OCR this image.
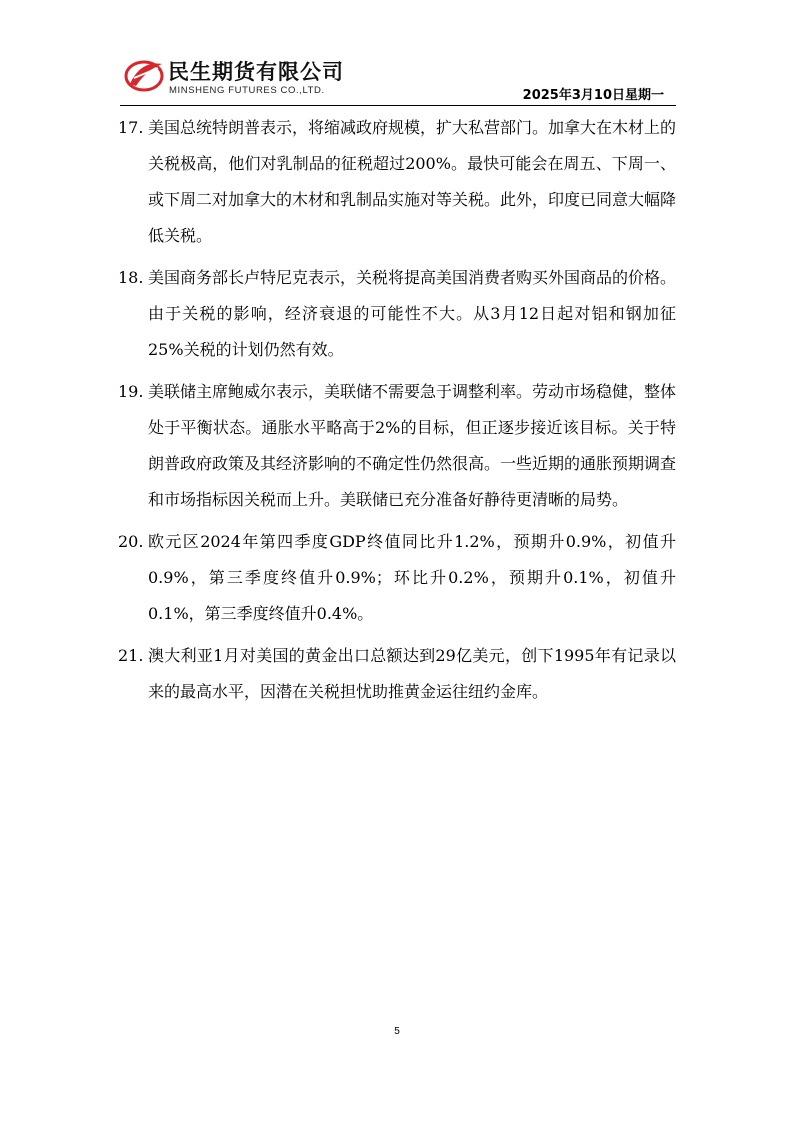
民生期货有限公司
MINSHENG FUTURES CO.,LTD.	2025年3月10日星期一

17. 美国总统特朗普表示，将缩减政府规模，扩大私营部门。加拿大在木材上的关税极高，他们对乳制品的征税超过200%。最快可能会在周五、下周一、或下周二对加拿大的木材和乳制品实施对等关税。此外，印度已同意大幅降低关税。

18. 美国商务部长卢特尼克表示，关税将提高美国消费者购买外国商品的价格。由于关税的影响，经济衰退的可能性不大。从3月12日起对铝和钢加征25%关税的计划仍然有效。

19. 美联储主席鲍威尔表示，美联储不需要急于调整利率。劳动市场稳健，整体处于平衡状态。通胀水平略高于2%的目标，但正逐步接近该目标。关于特朗普政府政策及其经济影响的不确定性仍然很高。一些近期的通胀预期调查和市场指标因关税而上升。美联储已充分准备好静待更清晰的局势。

20. 欧元区2024年第四季度GDP终值同比升1.2%，预期升0.9%，初值升0.9%，第三季度终值升0.9%；环比升0.2%，预期升0.1%，初值升0.1%，第三季度终值升0.4%。

21. 澳大利亚1月对美国的黄金出口总额达到29亿美元，创下1995年有记录以来的最高水平，因潜在关税担忧助推黄金运往纽约金库。

5
